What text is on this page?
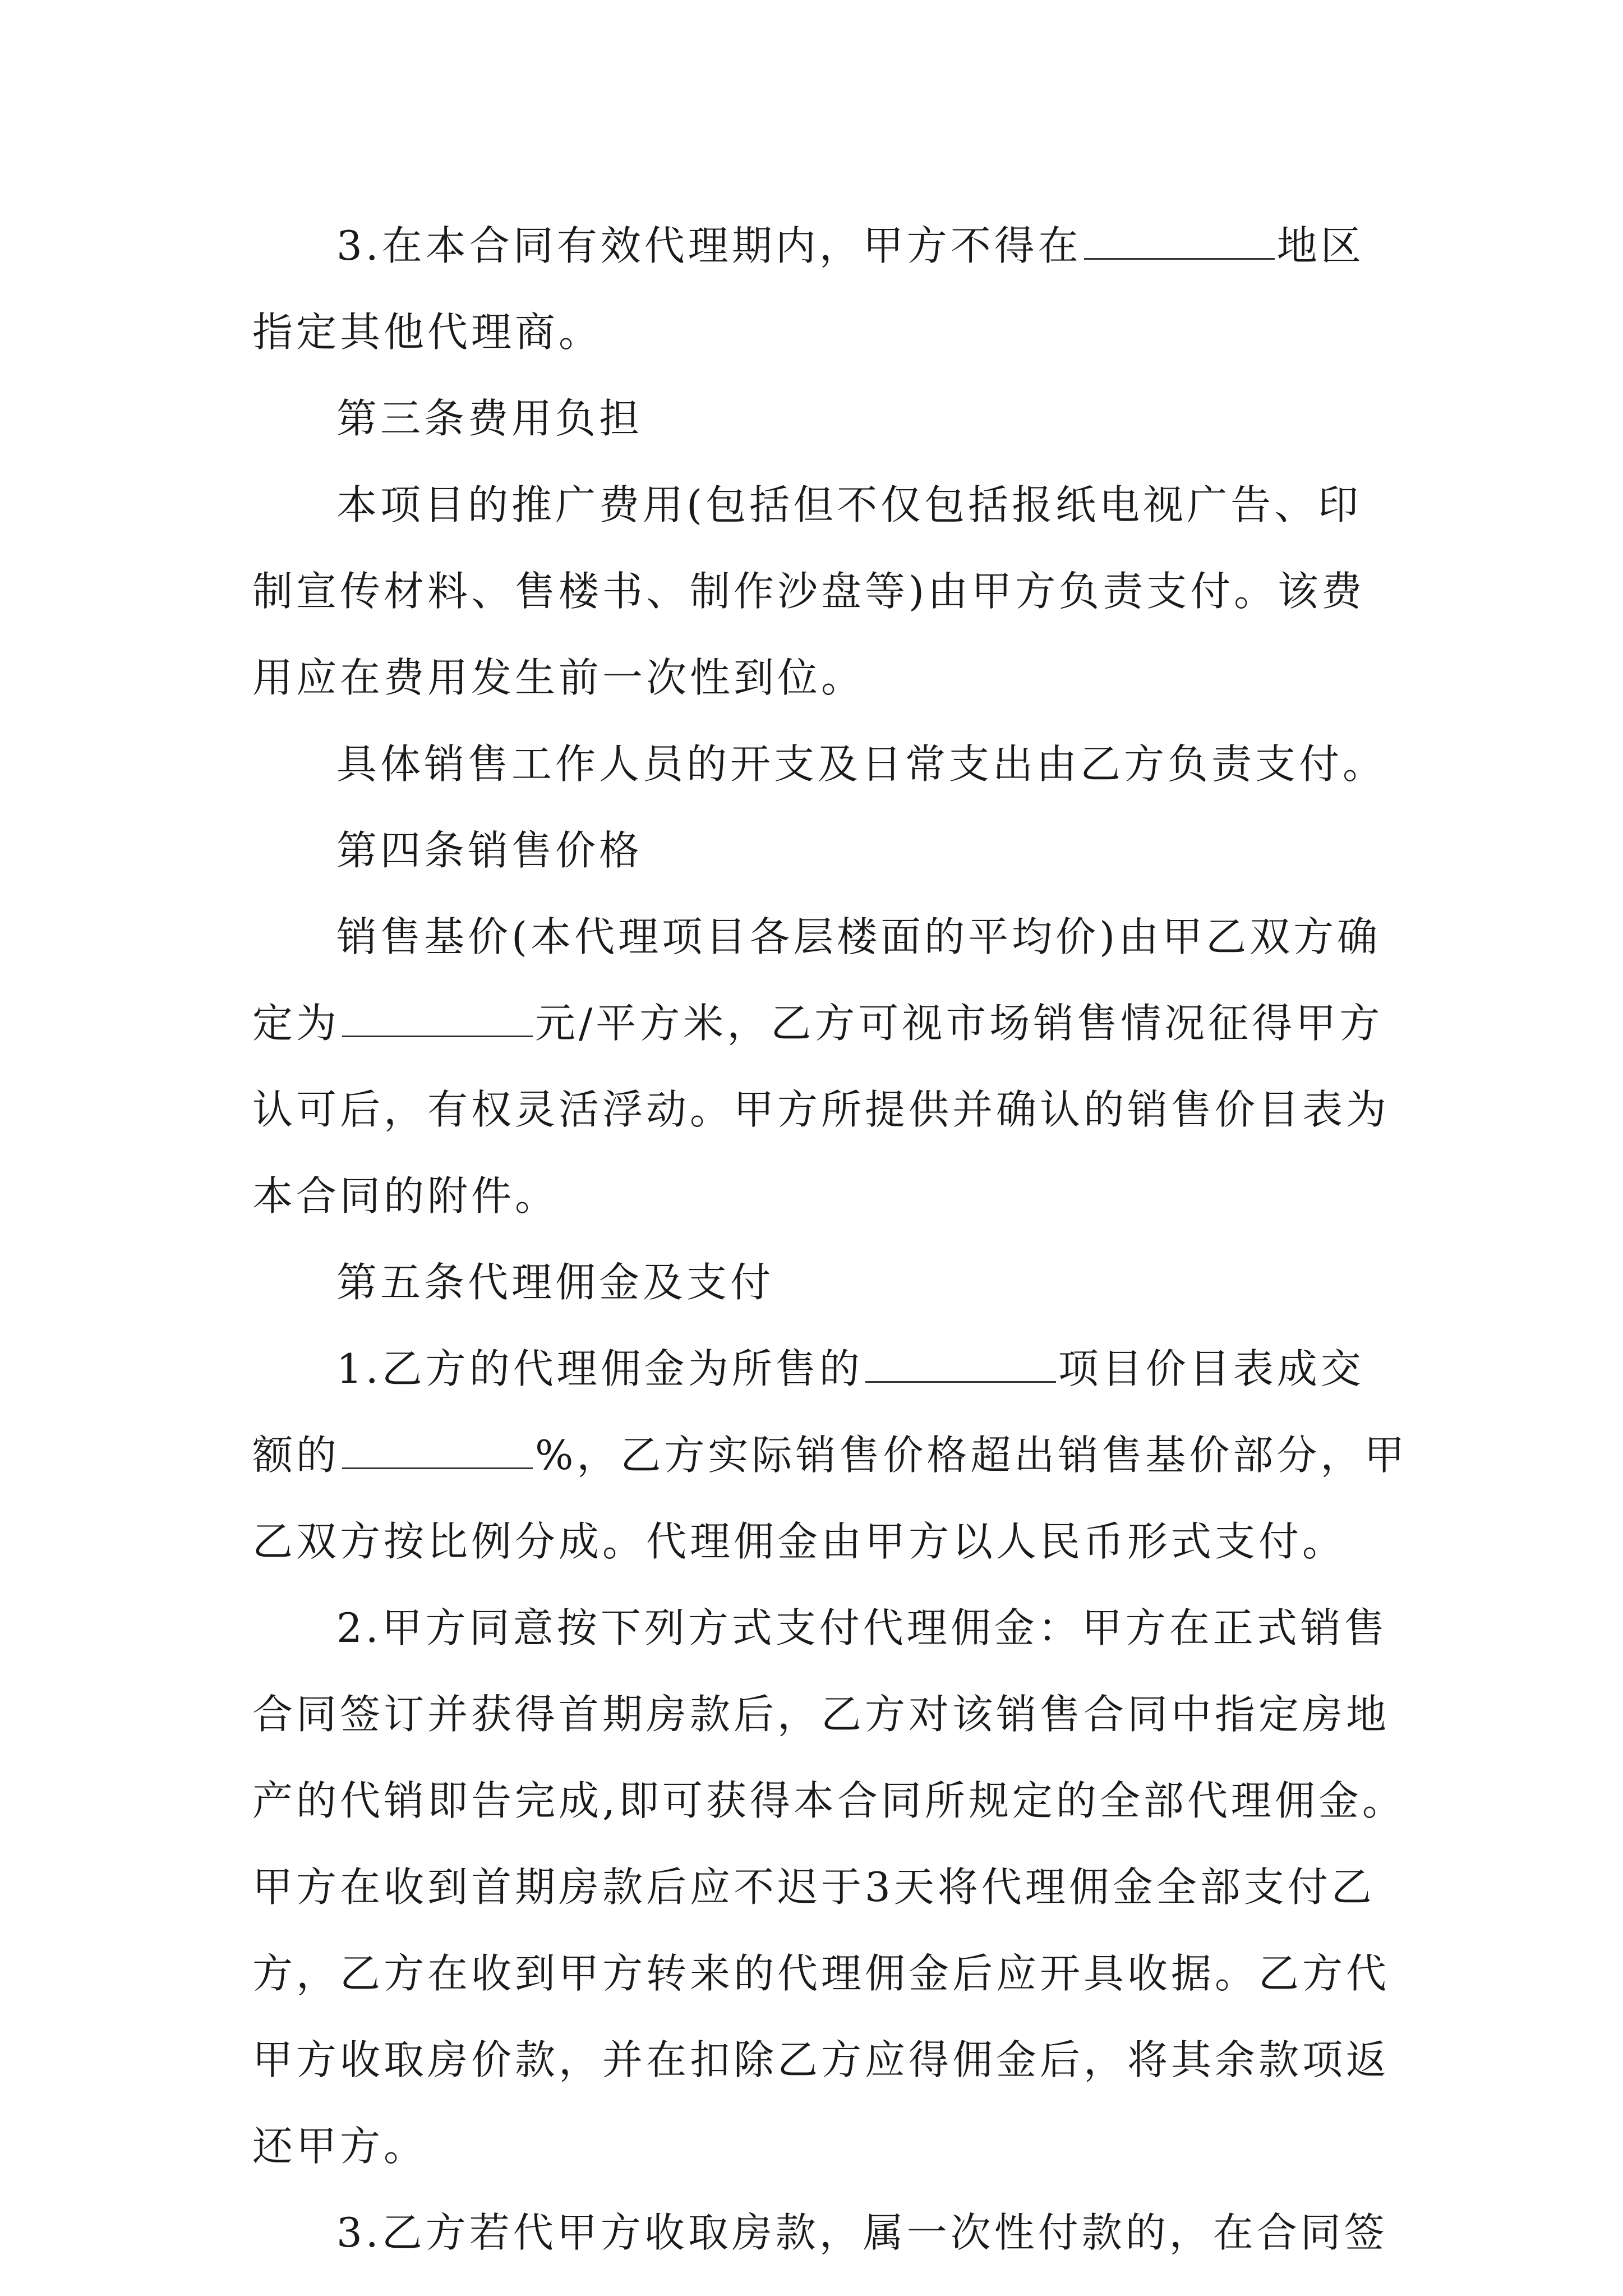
3.在本合同有效代理期内，甲方不得在	地区
指定其他代理商。
第三条费用负担
本项目的推广费用(包括但不仅包括报纸电视广告、印
制宣传材料、售楼书、制作沙盘等)由甲方负责支付。该费
用应在费用发生前一次性到位。
具体销售工作人员的开支及日常支出由乙方负责支付。
第四条销售价格
销售基价(本代理项目各层楼面的平均价)由甲乙双方确
定为	元/平方米，乙方可视市场销售情况征得甲方
认可后，有权灵活浮动。甲方所提供并确认的销售价目表为
本合同的附件。
第五条代理佣金及支付
1.乙方的代理佣金为所售的	项目价目表成交
额的	%，乙方实际销售价格超出销售基价部分，甲
乙双方按比例分成。代理佣金由甲方以人民币形式支付。
2.甲方同意按下列方式支付代理佣金：甲方在正式销售
合同签订并获得首期房款后，乙方对该销售合同中指定房地
产的代销即告完成,即可获得本合同所规定的全部代理佣金。
甲方在收到首期房款后应不迟于3天将代理佣金全部支付乙
方，乙方在收到甲方转来的代理佣金后应开具收据。乙方代
甲方收取房价款，并在扣除乙方应得佣金后，将其余款项返
还甲方。
3.乙方若代甲方收取房款，属一次性付款的，在合同签
